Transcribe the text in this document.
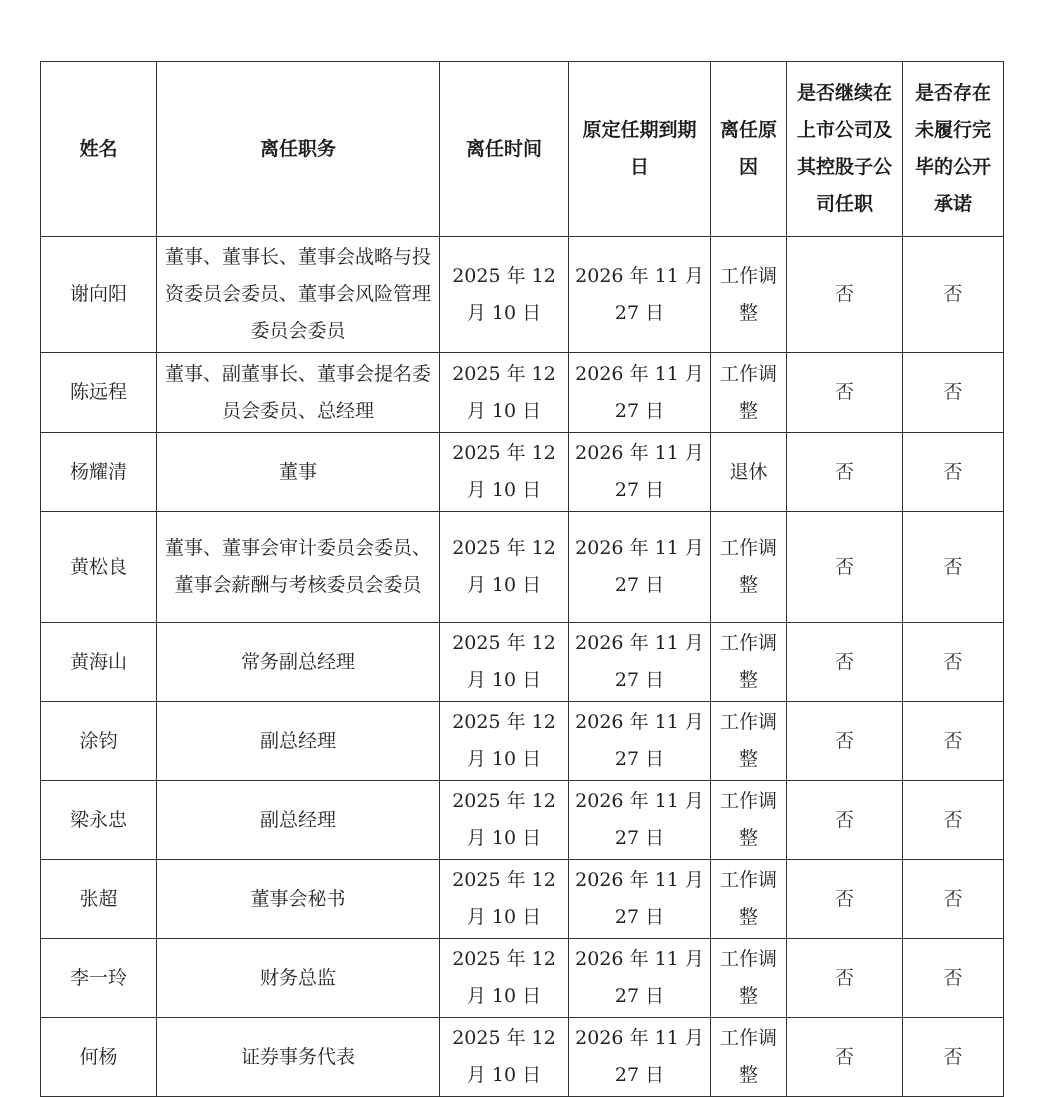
姓名	离任职务	离任时间	原定任期到期日	离任原因	是否继续在上市公司及其控股子公司任职	是否存在未履行完毕的公开承诺
谢向阳	董事、董事长、董事会战略与投资委员会委员、董事会风险管理委员会委员	2025 年 12 月 10 日	2026 年 11 月 27 日	工作调整	否	否
陈远程	董事、副董事长、董事会提名委员会委员、总经理	2025 年 12 月 10 日	2026 年 11 月 27 日	工作调整	否	否
杨耀清	董事	2025 年 12 月 10 日	2026 年 11 月 27 日	退休	否	否
黄松良	董事、董事会审计委员会委员、董事会薪酬与考核委员会委员	2025 年 12 月 10 日	2026 年 11 月 27 日	工作调整	否	否
黄海山	常务副总经理	2025 年 12 月 10 日	2026 年 11 月 27 日	工作调整	否	否
涂钧	副总经理	2025 年 12 月 10 日	2026 年 11 月 27 日	工作调整	否	否
梁永忠	副总经理	2025 年 12 月 10 日	2026 年 11 月 27 日	工作调整	否	否
张超	董事会秘书	2025 年 12 月 10 日	2026 年 11 月 27 日	工作调整	否	否
李一玲	财务总监	2025 年 12 月 10 日	2026 年 11 月 27 日	工作调整	否	否
何杨	证券事务代表	2025 年 12 月 10 日	2026 年 11 月 27 日	工作调整	否	否
